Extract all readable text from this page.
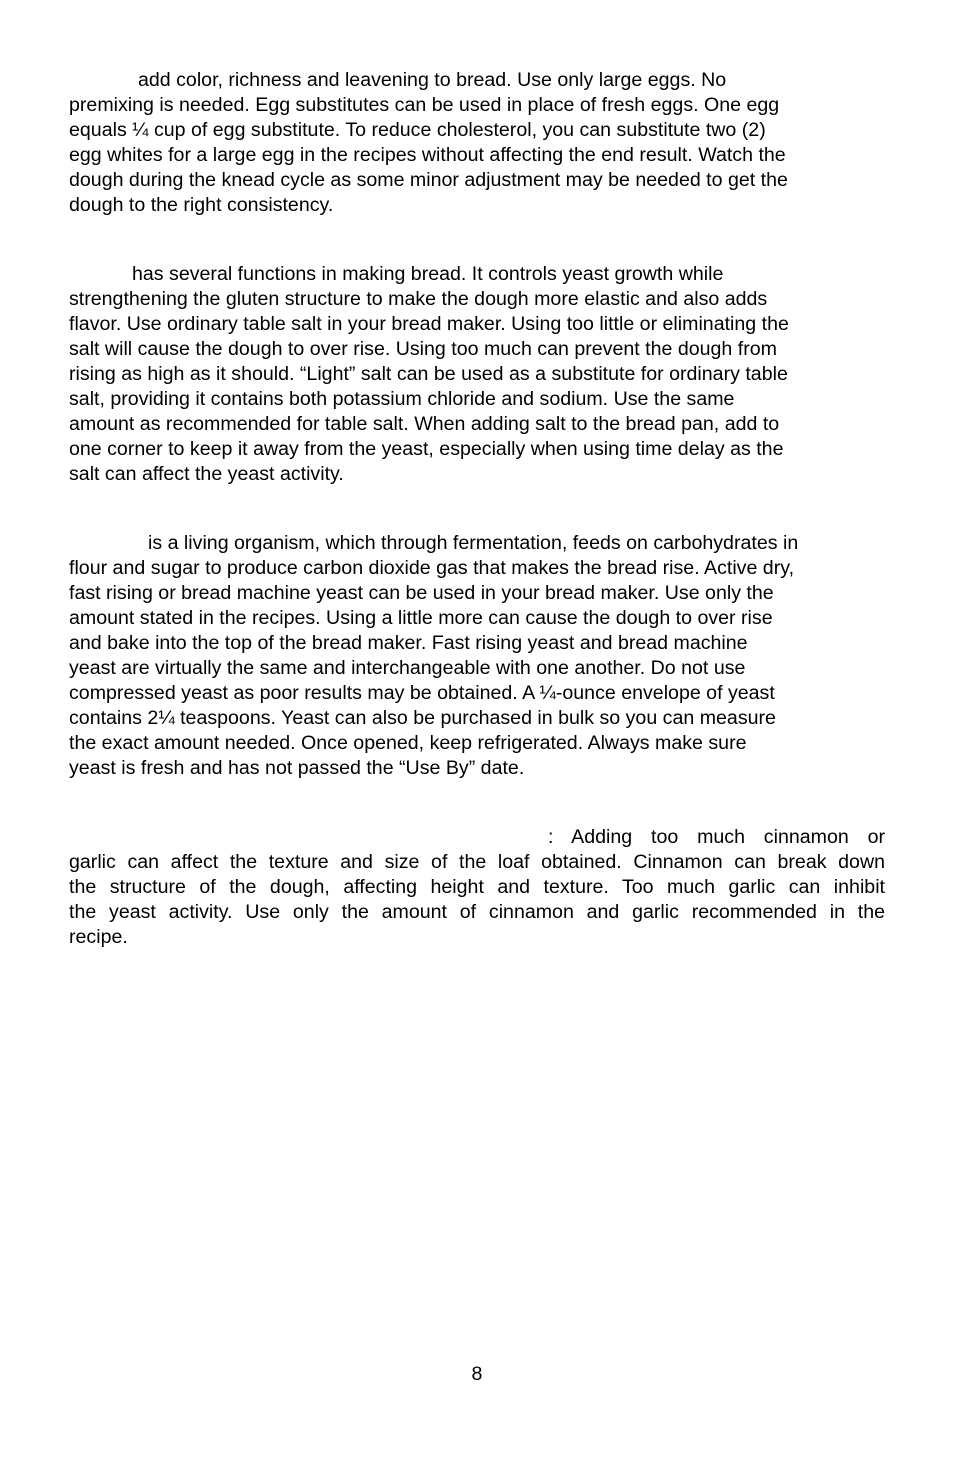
add color, richness and leavening to bread. Use only large eggs. No
premixing is needed. Egg substitutes can be used in place of fresh eggs. One egg
equals ¼ cup of egg substitute. To reduce cholesterol, you can substitute two (2)
egg whites for a large egg in the recipes without affecting the end result. Watch the
dough during the knead cycle as some minor adjustment may be needed to get the
dough to the right consistency.

has several functions in making bread. It controls yeast growth while
strengthening the gluten structure to make the dough more elastic and also adds
flavor. Use ordinary table salt in your bread maker. Using too little or eliminating the
salt will cause the dough to over rise. Using too much can prevent the dough from
rising as high as it should. “Light” salt can be used as a substitute for ordinary table
salt, providing it contains both potassium chloride and sodium. Use the same
amount as recommended for table salt. When adding salt to the bread pan, add to
one corner to keep it away from the yeast, especially when using time delay as the
salt can affect the yeast activity.

is a living organism, which through fermentation, feeds on carbohydrates in
flour and sugar to produce carbon dioxide gas that makes the bread rise. Active dry,
fast rising or bread machine yeast can be used in your bread maker. Use only the
amount stated in the recipes. Using a little more can cause the dough to over rise
and bake into the top of the bread maker. Fast rising yeast and bread machine
yeast are virtually the same and interchangeable with one another. Do not use
compressed yeast as poor results may be obtained. A ¼-ounce envelope of yeast
contains 2¼ teaspoons. Yeast can also be purchased in bulk so you can measure
the exact amount needed. Once opened, keep refrigerated. Always make sure
yeast is fresh and has not passed the “Use By” date.

: Adding too much cinnamon or
garlic can affect the texture and size of the loaf obtained. Cinnamon can break down
the structure of the dough, affecting height and texture. Too much garlic can inhibit
the yeast activity. Use only the amount of cinnamon and garlic recommended in the
recipe.

8
